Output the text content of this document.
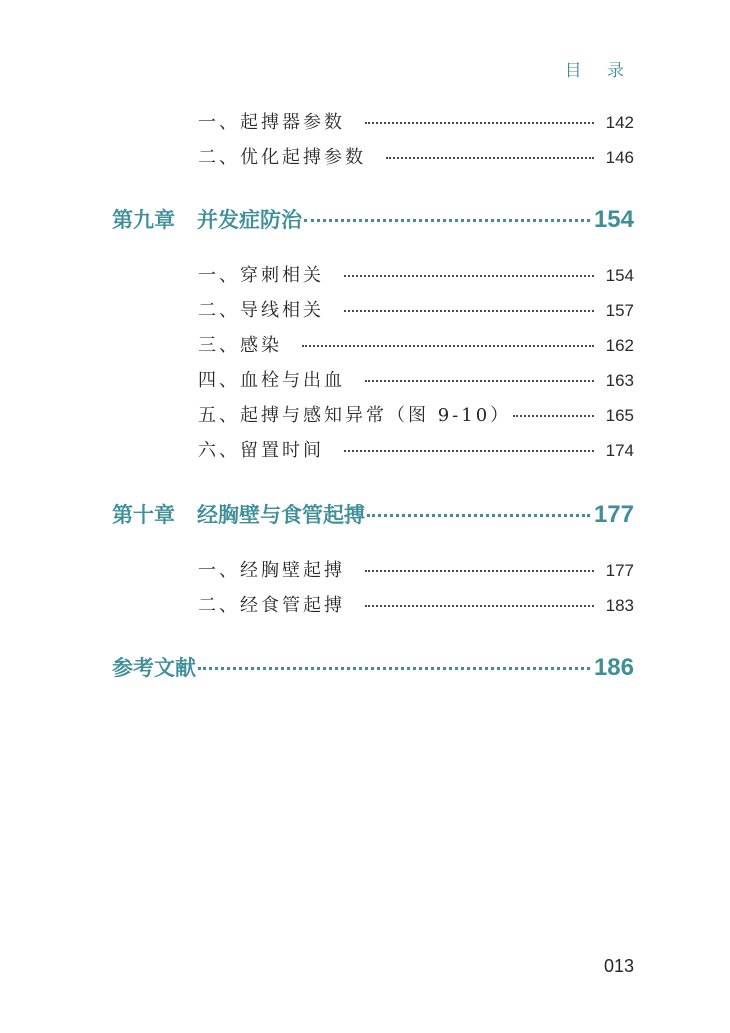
目 录
一、起搏器参数	142
二、优化起搏参数	146
第九章 并发症防治	154
一、穿刺相关	154
二、导线相关	157
三、感染	162
四、血栓与出血	163
五、起搏与感知异常（图 9-10）	165
六、留置时间	174
第十章 经胸壁与食管起搏	177
一、经胸壁起搏	177
二、经食管起搏	183
参考文献	186
013
